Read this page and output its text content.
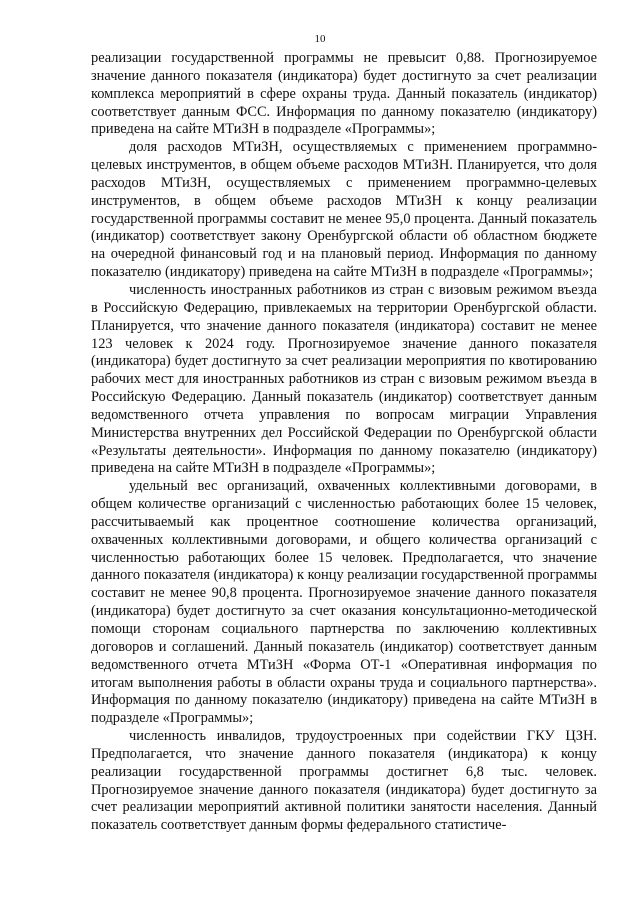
10

реализации государственной программы не превысит 0,88. Прогнозируемое значение данного показателя (индикатора) будет достигнуто за счет реализации комплекса мероприятий в сфере охраны труда. Данный показатель (индикатор) соответствует данным ФСС. Информация по данному показателю (индикатору) приведена на сайте МТиЗН в подразделе «Программы»;

доля расходов МТиЗН, осуществляемых с применением программно-целевых инструментов, в общем объеме расходов МТиЗН. Планируется, что доля расходов МТиЗН, осуществляемых с применением программно-целевых инструментов, в общем объеме расходов МТиЗН к концу реализации государственной программы составит не менее 95,0 процента. Данный показатель (индикатор) соответствует закону Оренбургской области об областном бюджете на очередной финансовый год и на плановый период. Информация по данному показателю (индикатору) приведена на сайте МТиЗН в подразделе «Программы»;

численность иностранных работников из стран с визовым режимом въезда в Российскую Федерацию, привлекаемых на территории Оренбургской области. Планируется, что значение данного показателя (индикатора) составит не менее 123 человек к 2024 году. Прогнозируемое значение данного показателя (индикатора) будет достигнуто за счет реализации мероприятия по квотированию рабочих мест для иностранных работников из стран с визовым режимом въезда в Российскую Федерацию. Данный показатель (индикатор) соответствует данным ведомственного отчета управления по вопросам миграции Управления Министерства внутренних дел Российской Федерации по Оренбургской области «Результаты деятельности». Информация по данному показателю (индикатору) приведена на сайте МТиЗН в подразделе «Программы»;

удельный вес организаций, охваченных коллективными договорами, в общем количестве организаций с численностью работающих более 15 человек, рассчитываемый как процентное соотношение количества организаций, охваченных коллективными договорами, и общего количества организаций с численностью работающих более 15 человек. Предполагается, что значение данного показателя (индикатора) к концу реализации государственной программы составит не менее 90,8 процента. Прогнозируемое значение данного показателя (индикатора) будет достигнуто за счет оказания консультационно-методической помощи сторонам социального партнерства по заключению коллективных договоров и соглашений. Данный показатель (индикатор) соответствует данным ведомственного отчета МТиЗН «Форма ОТ-1 «Оперативная информация по итогам выполнения работы в области охраны труда и социального партнерства». Информация по данному показателю (индикатору) приведена на сайте МТиЗН в подразделе «Программы»;

численность инвалидов, трудоустроенных при содействии ГКУ ЦЗН. Предполагается, что значение данного показателя (индикатора) к концу реализации государственной программы достигнет 6,8 тыс. человек. Прогнозируемое значение данного показателя (индикатора) будет достигнуто за счет реализации мероприятий активной политики занятости населения. Данный показатель соответствует данным формы федерального статистиче-
